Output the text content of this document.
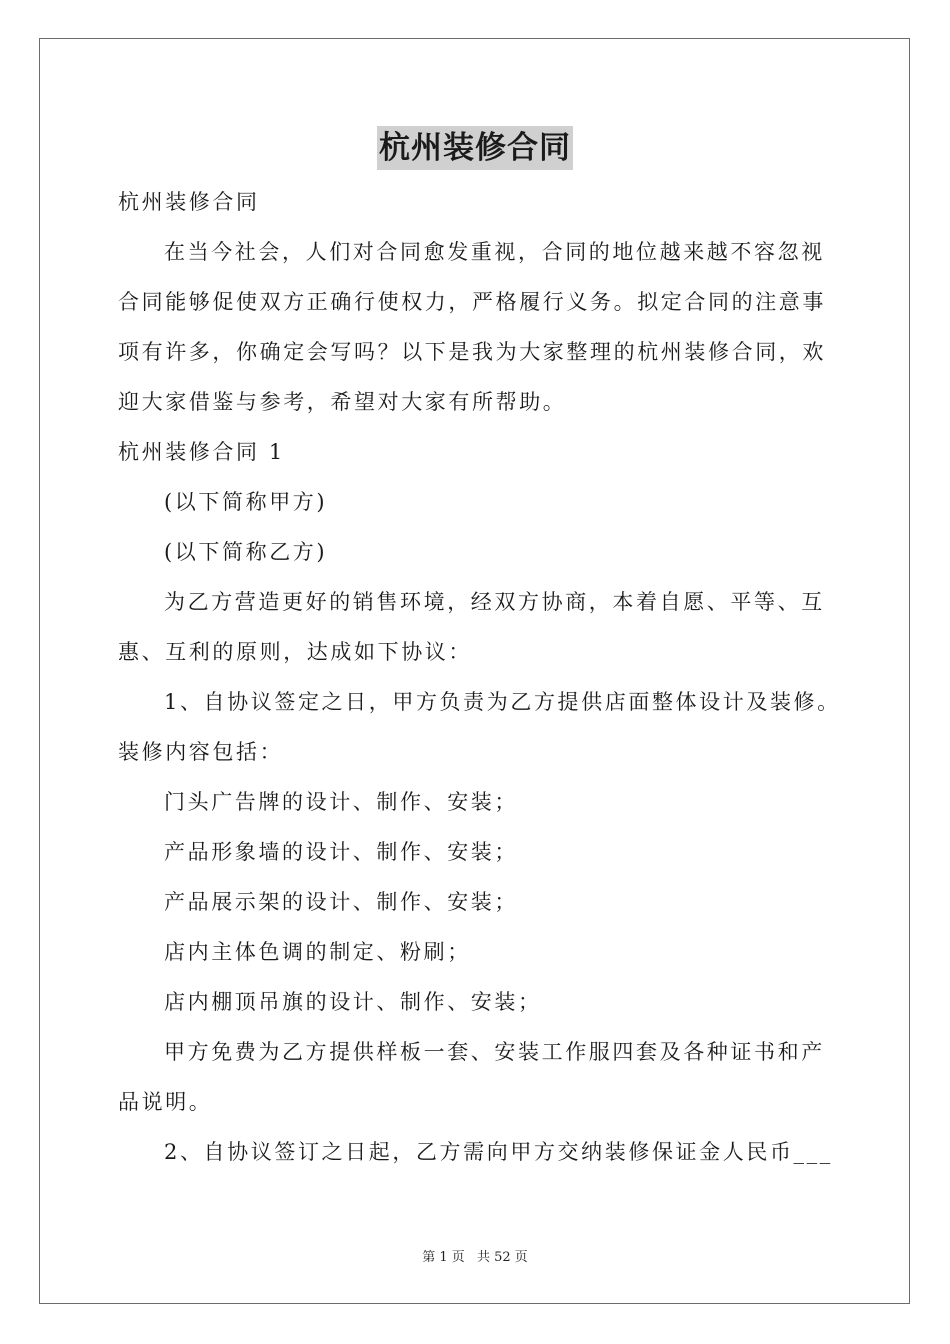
杭州装修合同
杭州装修合同
在当今社会，人们对合同愈发重视，合同的地位越来越不容忽视
合同能够促使双方正确行使权力，严格履行义务。拟定合同的注意事
项有许多，你确定会写吗？以下是我为大家整理的杭州装修合同，欢
迎大家借鉴与参考，希望对大家有所帮助。
杭州装修合同 1
(以下简称甲方)
(以下简称乙方)
为乙方营造更好的销售环境，经双方协商，本着自愿、平等、互
惠、互利的原则，达成如下协议：
1、自协议签定之日，甲方负责为乙方提供店面整体设计及装修。
装修内容包括：
门头广告牌的设计、制作、安装；
产品形象墙的设计、制作、安装；
产品展示架的设计、制作、安装；
店内主体色调的制定、粉刷；
店内棚顶吊旗的设计、制作、安装；
甲方免费为乙方提供样板一套、安装工作服四套及各种证书和产
品说明。
2、自协议签订之日起，乙方需向甲方交纳装修保证金人民币___
第 1 页 共 52 页
